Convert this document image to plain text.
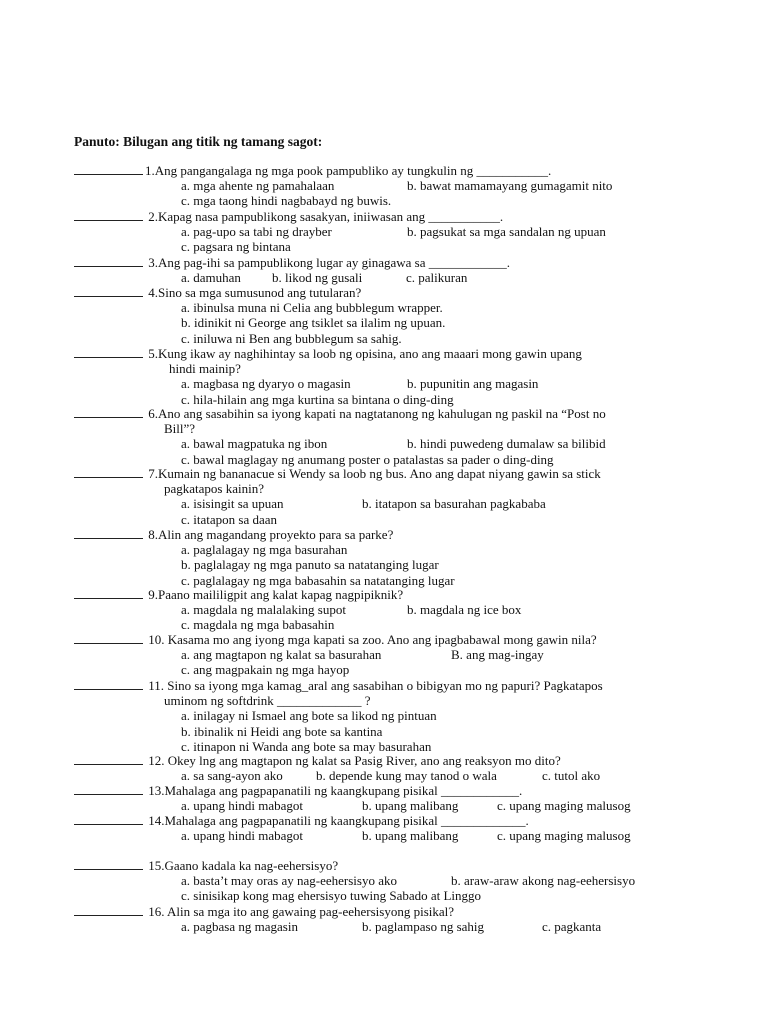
Panuto: Bilugan ang titik ng tamang sagot:
1.Ang pangangalaga ng mga pook pampubliko ay tungkulin ng ___________.
a. mga ahente ng pamahalaan	b. bawat mamamayang gumagamit nito
c. mga taong hindi nagbabayd ng buwis.
2.Kapag nasa pampublikong sasakyan, iniiwasan ang ___________.
a. pag-upo sa tabi ng drayber	b. pagsukat sa mga sandalan ng upuan
c. pagsara ng bintana
3.Ang pag-ihi sa pampublikong lugar ay ginagawa sa ____________.
a. damuhan b. likod ng gusali	c. palikuran
4.Sino sa mga sumusunod ang tutularan?
a. ibinulsa muna ni Celia ang bubblegum wrapper.
b. idinikit ni George ang tsiklet sa ilalim ng upuan.
c. iniluwa ni Ben ang bubblegum sa sahig.
5.Kung ikaw ay naghihintay sa loob ng opisina, ano ang maaari mong gawin upang
hindi mainip?
a. magbasa ng dyaryo o magasin	b. pupunitin ang magasin
c. hila-hilain ang mga kurtina sa bintana o ding-ding
6.Ano ang sasabihin sa iyong kapati na nagtatanong ng kahulugan ng paskil na “Post no
Bill”?
a. bawal magpatuka ng ibon	b. hindi puwedeng dumalaw sa bilibid
c. bawal maglagay ng anumang poster o patalastas sa pader o ding-ding
7.Kumain ng bananacue si Wendy sa loob ng bus. Ano ang dapat niyang gawin sa stick
pagkatapos kainin?
a. isisingit sa upuan	b. itatapon sa basurahan pagkababa
c. itatapon sa daan
8.Alin ang magandang proyekto para sa parke?
a. paglalagay ng mga basurahan
b. paglalagay ng mga panuto sa natatanging lugar
c. paglalagay ng mga babasahin sa natatanging lugar
9.Paano maililigpit ang kalat kapag nagpipiknik?
a. magdala ng malalaking supot	b. magdala ng ice box
c. magdala ng mga babasahin
10. Kasama mo ang iyong mga kapati sa zoo. Ano ang ipagbabawal mong gawin nila?
a. ang magtapon ng kalat sa basurahan	B. ang mag-ingay
c. ang magpakain ng mga hayop
11. Sino sa iyong mga kamag_aral ang sasabihan o bibigyan mo ng papuri? Pagkatapos
uminom ng softdrink _____________ ?
a. inilagay ni Ismael ang bote sa likod ng pintuan
b. ibinalik ni Heidi ang bote sa kantina
c. itinapon ni Wanda ang bote sa may basurahan
12. Okey lng ang magtapon ng kalat sa Pasig River, ano ang reaksyon mo dito?
a. sa sang-ayon ako	b. depende kung may tanod o wala	c. tutol ako
13.Mahalaga ang pagpapanatili ng kaangkupang pisikal ____________.
a. upang hindi mabagot	b. upang malibang	c. upang maging malusog
14.Mahalaga ang pagpapanatili ng kaangkupang pisikal _____________.
a. upang hindi mabagot	b. upang malibang	c. upang maging malusog
15.Gaano kadala ka nag-eehersisyo?
a. basta’t may oras ay nag-eehersisyo ako	b. araw-araw akong nag-eehersisyo
c. sinisikap kong mag ehersisyo tuwing Sabado at Linggo
16. Alin sa mga ito ang gawaing pag-eehersisyong pisikal?
a. pagbasa ng magasin	b. paglampaso ng sahig	c. pagkanta
